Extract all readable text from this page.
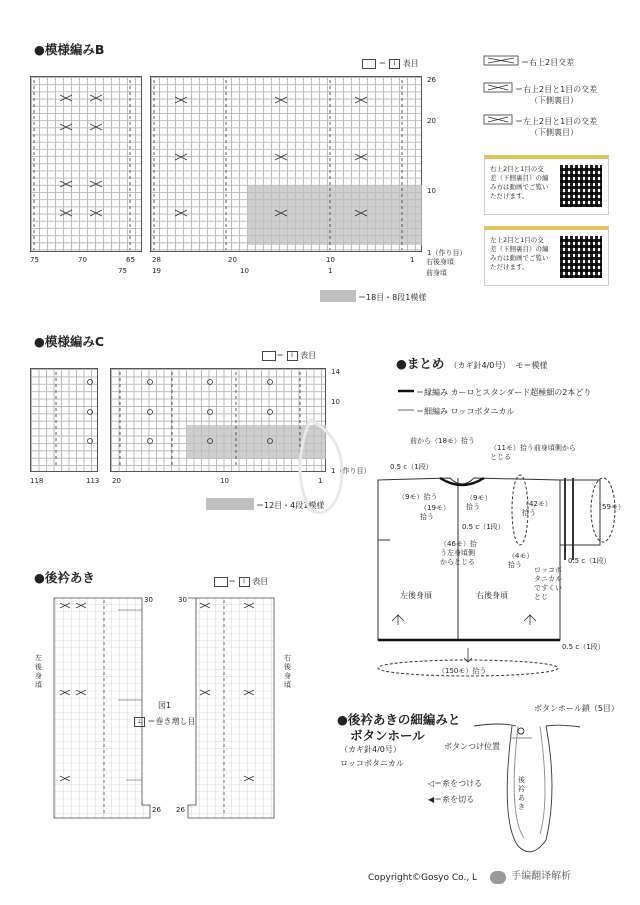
●模様編みB
＝ I 表目
26
20
10
1（作り目）
右後身頃
前身頃
75	70	65 28	20	10	1
75	19	10	1
＝18目・8段1模様
＝右上2目交差
＝右上2目と1目の交差
（下側裏目）
＝左上2目と1目の交差
（下側裏目）
右上2目と1目の交差（下側裏目）の編み方は動画でご覧いただけます。
左上2目と1目の交差（下側裏目）の編み方は動画でご覧いただけます。
●模様編みC
＝ I 表目
14
10
1（作り目）
118	113 20	10	1
＝12目・4段1模様
●まとめ （カギ針4/0号） モ＝模様
＝縁編み カーロとスタンダード超極細の2本どり
＝細編み ロッコボタニカル
前から（18モ）拾う
（11モ）拾う前身頃側からとじる
0.5 c（1段）
（9モ）拾う
（19モ）拾う
（9モ）拾う
0.5 c（1段）
（46モ）拾う左身頃側からとじる
（42モ）拾う
（4モ）拾う
（59モ）
0.5 c（1段）
ロッコボタニカルですくいとじ
左後身頃	右後身頃
0.5 c（1段）
（150モ）拾う
●後衿あき	＝ I 表目
左後身頃
右後身頃
図1
⊥ ＝巻き増し目
30
26 26
30
●後衿あきの細編みと
ボタンホール
（カギ針4/0号）
ロッコボタニカル
ボタンホール鎖（5目）
ボタンつけ位置
後衿あき
◁＝糸をつける
◀＝糸を切る
Copyright©Gosyo Co., L	手编翻译解析
